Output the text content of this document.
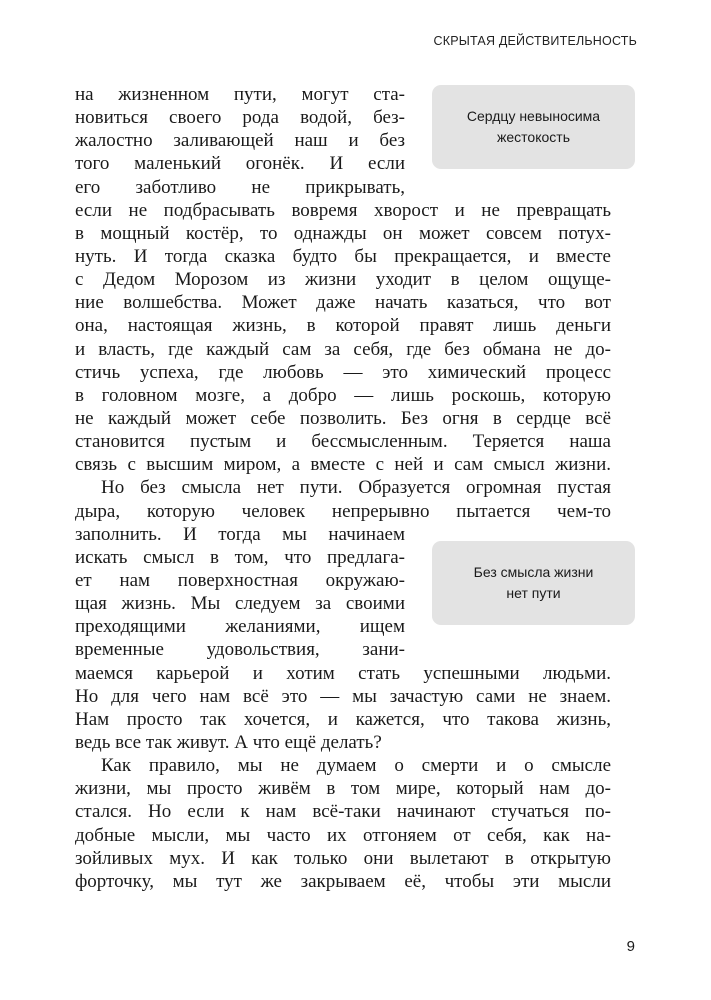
СКРЫТАЯ ДЕЙСТВИТЕЛЬНОСТЬ
Сердцу невыносима
жестокость
Без смысла жизни
нет пути
на жизненном пути, могут ста-
новиться своего рода водой, без-
жалостно заливающей наш и без
того маленький огонёк. И если
его заботливо не прикрывать,
если не подбрасывать вовремя хворост и не превращать
в мощный костёр, то однажды он может совсем потух-
нуть. И тогда сказка будто бы прекращается, и вместе
с Дедом Морозом из жизни уходит в целом ощуще-
ние волшебства. Может даже начать казаться, что вот
она, настоящая жизнь, в которой правят лишь деньги
и власть, где каждый сам за себя, где без обмана не до-
стичь успеха, где любовь — это химический процесс
в головном мозге, а добро — лишь роскошь, которую
не каждый может себе позволить. Без огня в сердце всё
становится пустым и бессмысленным. Теряется наша
связь с высшим миром, а вместе с ней и сам смысл жизни.
Но без смысла нет пути. Образуется огромная пустая
дыра, которую человек непрерывно пытается чем-то
заполнить. И тогда мы начинаем
искать смысл в том, что предлага-
ет нам поверхностная окружаю-
щая жизнь. Мы следуем за своими
преходящими желаниями, ищем
временные удовольствия, зани-
маемся карьерой и хотим стать успешными людьми.
Но для чего нам всё это — мы зачастую сами не знаем.
Нам просто так хочется, и кажется, что такова жизнь,
ведь все так живут. А что ещё делать?
Как правило, мы не думаем о смерти и о смысле
жизни, мы просто живём в том мире, который нам до-
стался. Но если к нам всё-таки начинают стучаться по-
добные мысли, мы часто их отгоняем от себя, как на-
зойливых мух. И как только они вылетают в открытую
форточку, мы тут же закрываем её, чтобы эти мысли
9
